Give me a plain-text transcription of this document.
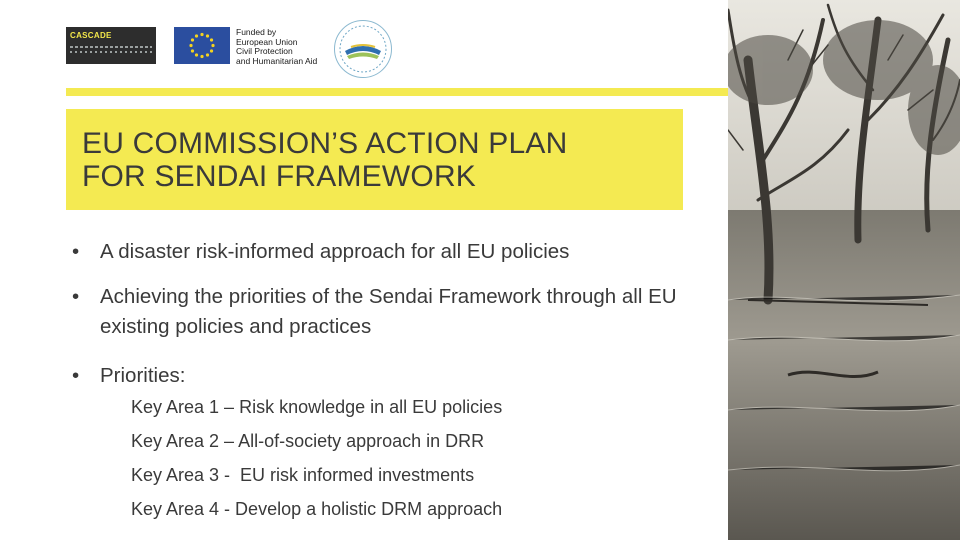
CASCADE	Funded by
European Union
Civil Protection
and Humanitarian Aid
EU COMMISSION’S ACTION PLAN
FOR SENDAI FRAMEWORK
• A disaster risk-informed approach for all EU policies
• Achieving the priorities of the Sendai Framework through all EU existing policies and practices
• Priorities:
Key Area 1 – Risk knowledge in all EU policies
Key Area 2 – All-of-society approach in DRR
Key Area 3 -  EU risk informed investments
Key Area 4 - Develop a holistic DRM approach
